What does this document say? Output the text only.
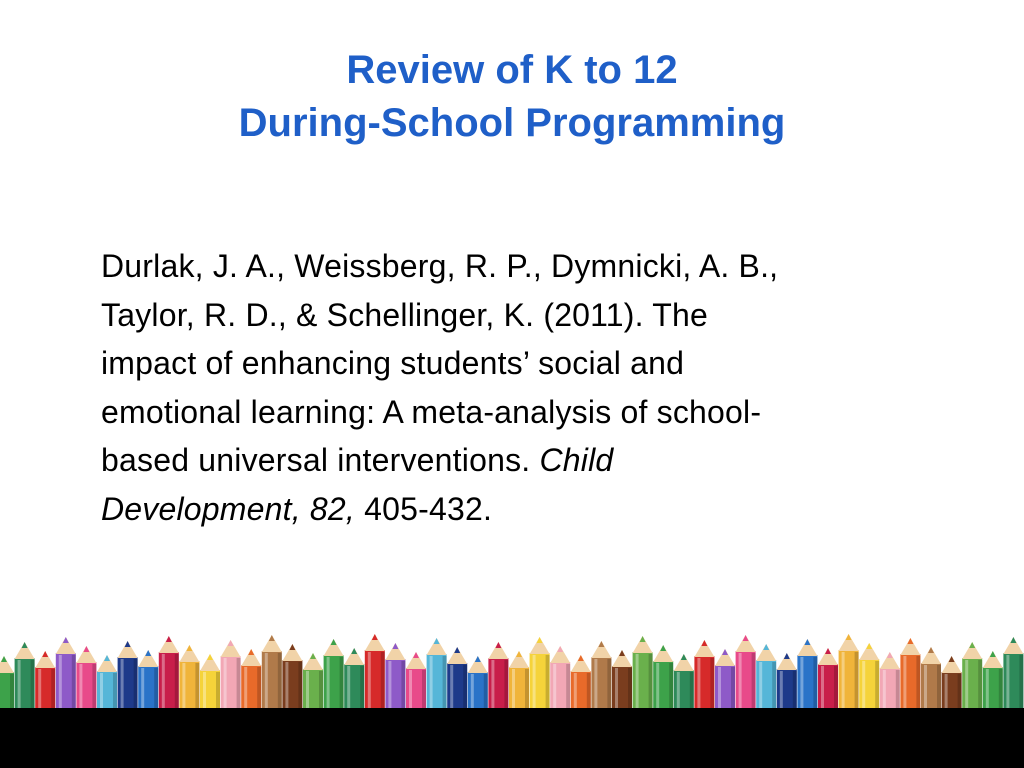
Review of K to 12
During-School Programming
Durlak, J. A., Weissberg, R. P., Dymnicki, A. B.,
Taylor, R. D., & Schellinger, K. (2011). The
impact of enhancing students’ social and
emotional learning: A meta-analysis of school-
based universal interventions. Child
Development, 82, 405-432.
